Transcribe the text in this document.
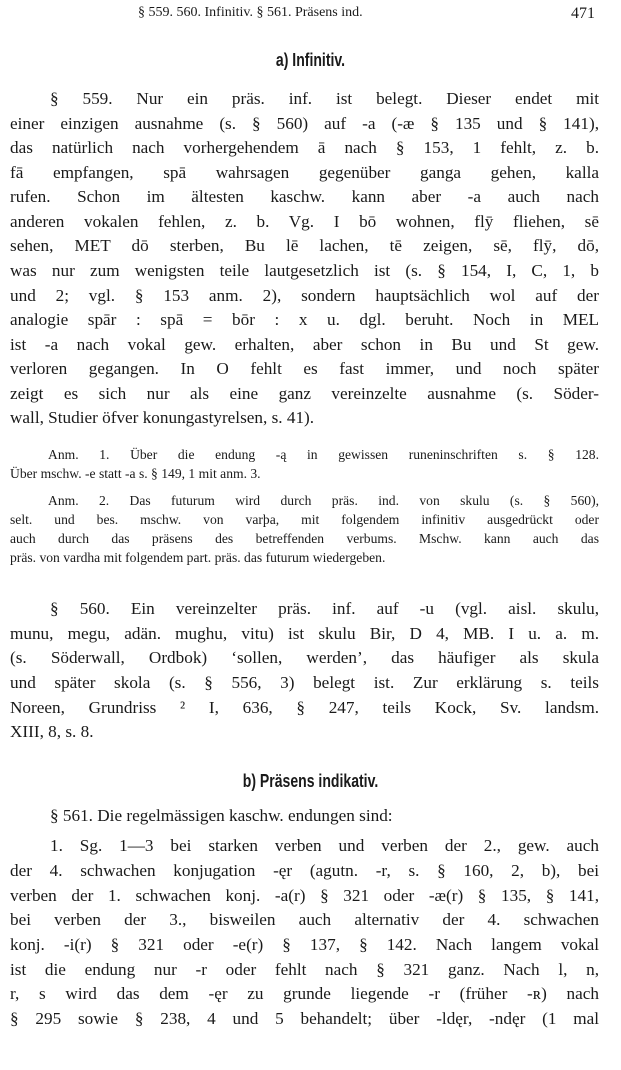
§ 559. 560. Infinitiv. § 561. Präsens ind.	471
a) Infinitiv.
§ 559. Nur ein präs. inf. ist belegt. Dieser endet mit
einer einzigen ausnahme (s. § 560) auf -a (-æ § 135 und § 141),
das natürlich nach vorhergehendem ā nach § 153, 1 fehlt, z. b.
fā empfangen, spā wahrsagen gegenüber ganga gehen, kalla
rufen. Schon im ältesten kaschw. kann aber -a auch nach
anderen vokalen fehlen, z. b. Vg. I bō wohnen, flȳ fliehen, sē
sehen, MET dō sterben, Bu lē lachen, tē zeigen, sē, flȳ, dō,
was nur zum wenigsten teile lautgesetzlich ist (s. § 154, I, C, 1, b
und 2; vgl. § 153 anm. 2), sondern hauptsächlich wol auf der
analogie spār : spā = bōr : x u. dgl. beruht. Noch in MEL
ist -a nach vokal gew. erhalten, aber schon in Bu und St gew.
verloren gegangen. In O fehlt es fast immer, und noch später
zeigt es sich nur als eine ganz vereinzelte ausnahme (s. Söder-
wall, Studier öfver konungastyrelsen, s. 41).
Anm. 1. Über die endung -ą in gewissen runeninschriften s. § 128.
Über mschw. -e statt -a s. § 149, 1 mit anm. 3.
Anm. 2. Das futurum wird durch präs. ind. von skulu (s. § 560),
selt. und bes. mschw. von varþa, mit folgendem infinitiv ausgedrückt oder
auch durch das präsens des betreffenden verbums. Mschw. kann auch das
präs. von vardha mit folgendem part. präs. das futurum wiedergeben.
§ 560. Ein vereinzelter präs. inf. auf -u (vgl. aisl. skulu,
munu, megu, adän. mughu, vitu) ist skulu Bir, D 4, MB. I u. a. m.
(s. Söderwall, Ordbok) ‘sollen, werden’, das häufiger als skula
und später skola (s. § 556, 3) belegt ist. Zur erklärung s. teils
Noreen, Grundriss ² I, 636, § 247, teils Kock, Sv. landsm.
XIII, 8, s. 8.
b) Präsens indikativ.
§ 561. Die regelmässigen kaschw. endungen sind:
1. Sg. 1—3 bei starken verben und verben der 2., gew. auch
der 4. schwachen konjugation -ęr (agutn. -r, s. § 160, 2, b), bei
verben der 1. schwachen konj. -a(r) § 321 oder -æ(r) § 135, § 141,
bei verben der 3., bisweilen auch alternativ der 4. schwachen
konj. -i(r) § 321 oder -e(r) § 137, § 142. Nach langem vokal
ist die endung nur -r oder fehlt nach § 321 ganz. Nach l, n,
r, s wird das dem -ęr zu grunde liegende -r (früher -ʀ) nach
§ 295 sowie § 238, 4 und 5 behandelt; über -ldęr, -ndęr (1 mal
